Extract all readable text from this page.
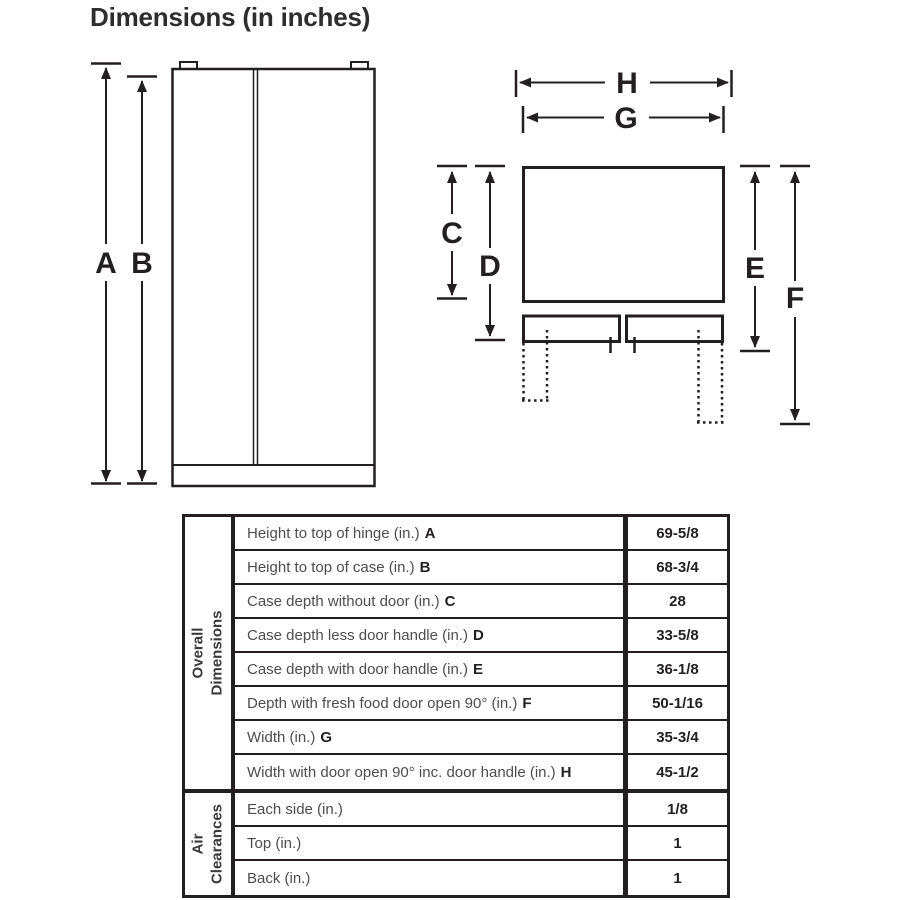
Dimensions (in inches)
A B
H
G
C
D	E
F
Overall Dimensions
Height to top of hinge (in.) A	69-5/8
Height to top of case (in.) B	68-3/4
Case depth without door (in.) C	28
Case depth less door handle (in.) D	33-5/8
Case depth with door handle (in.) E	36-1/8
Depth with fresh food door open 90° (in.) F	50-1/16
Width (in.) G	35-3/4
Width with door open 90° inc. door handle (in.) H	45-1/2
Air Clearances Each side (in.)	1/8
Top (in.)	1
Back (in.)	1
